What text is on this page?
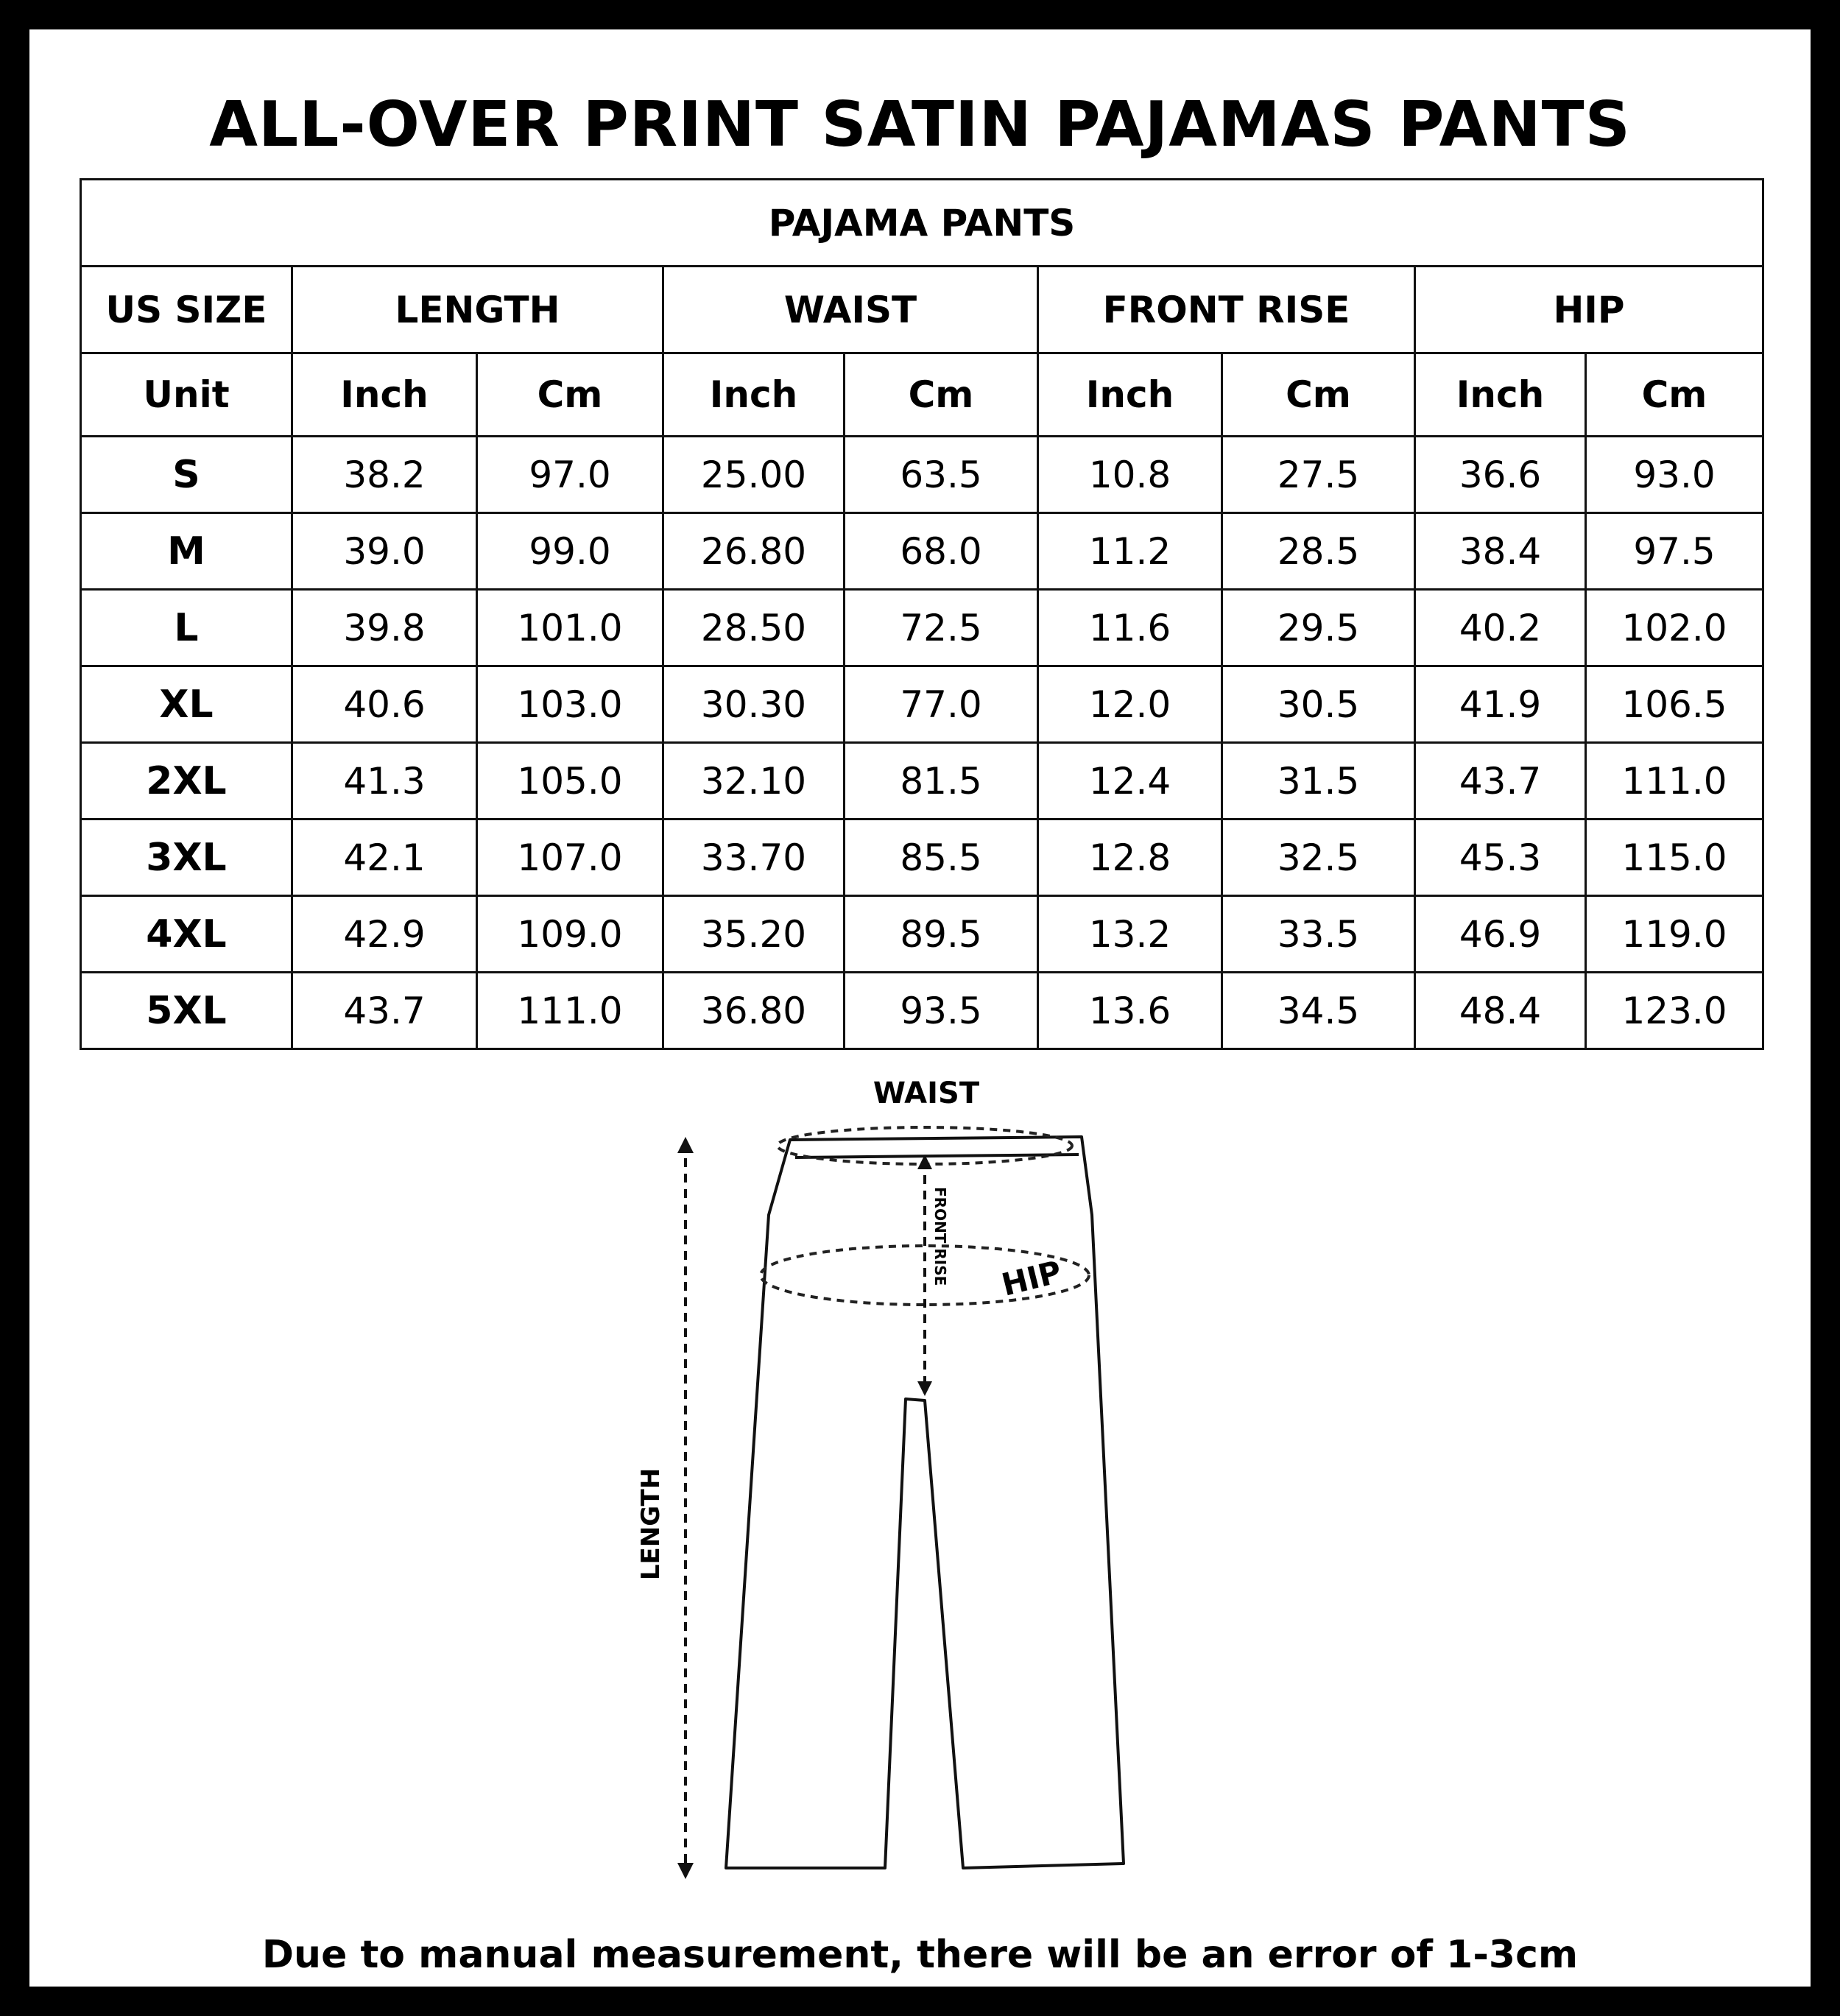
ALL-OVER PRINT SATIN PAJAMAS PANTS
PAJAMA PANTS								
US SIZE	LENGTH		WAIST		FRONT RISE		HIP	
Unit	Inch	Cm	Inch	Cm	Inch	Cm	Inch	Cm
S	38.2	97.0	25.00	63.5	10.8	27.5	36.6	93.0
M	39.0	99.0	26.80	68.0	11.2	28.5	38.4	97.5
L	39.8	101.0	28.50	72.5	11.6	29.5	40.2	102.0
XL	40.6	103.0	30.30	77.0	12.0	30.5	41.9	106.5
2XL	41.3	105.0	32.10	81.5	12.4	31.5	43.7	111.0
3XL	42.1	107.0	33.70	85.5	12.8	32.5	45.3	115.0
4XL	42.9	109.0	35.20	89.5	13.2	33.5	46.9	119.0
5XL	43.7	111.0	36.80	93.5	13.6	34.5	48.4	123.0
WAIST
HIP
FRONT RISE
LENGTH
Due to manual measurement, there will be an error of 1-3cm
